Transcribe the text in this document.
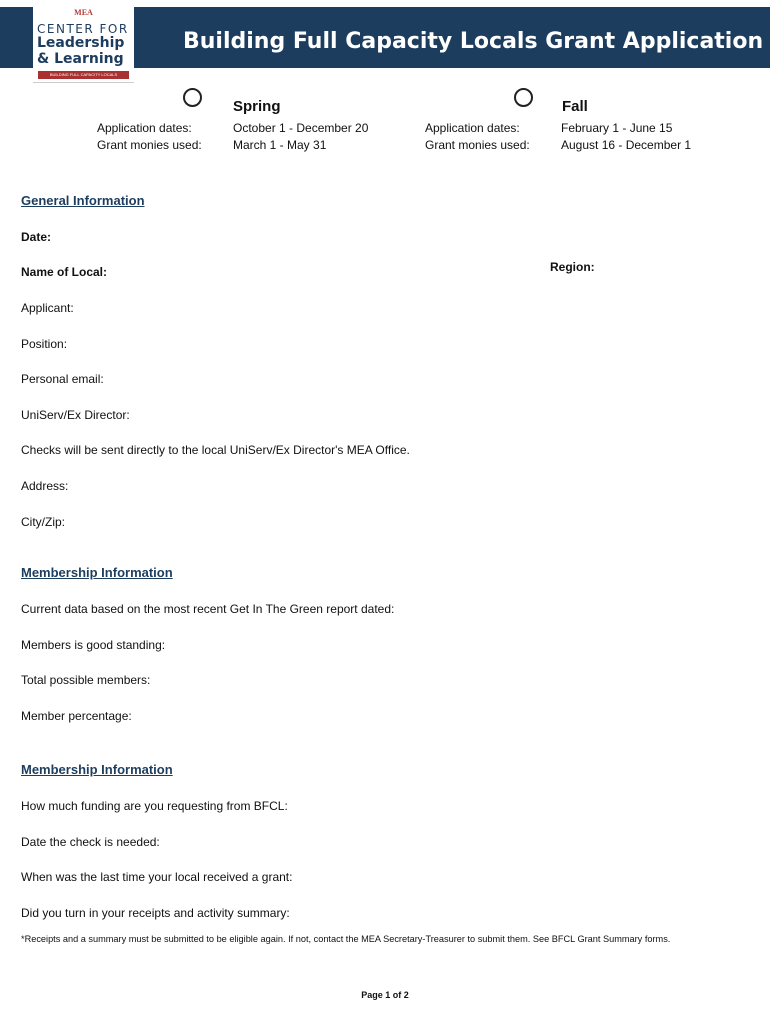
Building Full Capacity Locals Grant Application
MEA
CENTER FOR
Leadership
& Learning
BUILDING FULL CAPACITY LOCALS
Spring
Application dates:	October 1 - December 20
Grant monies used:	March 1 - May 31
Fall
Application dates:	February 1 - June 15
Grant monies used:	August 16 - December 1
General Information
Date:
Name of Local:	Region:
Applicant:
Position:
Personal email:
UniServ/Ex Director:
Checks will be sent directly to the local UniServ/Ex Director's MEA Office.
Address:
City/Zip:
Membership Information
Current data based on the most recent Get In The Green report dated:
Members is good standing:
Total possible members:
Member percentage:
Membership Information
How much funding are you requesting from BFCL:
Date the check is needed:
When was the last time your local received a grant:
Did you turn in your receipts and activity summary:
*Receipts and a summary must be submitted to be eligible again. If not, contact the MEA Secretary-Treasurer to submit them. See BFCL Grant Summary forms.
Page 1 of 2
